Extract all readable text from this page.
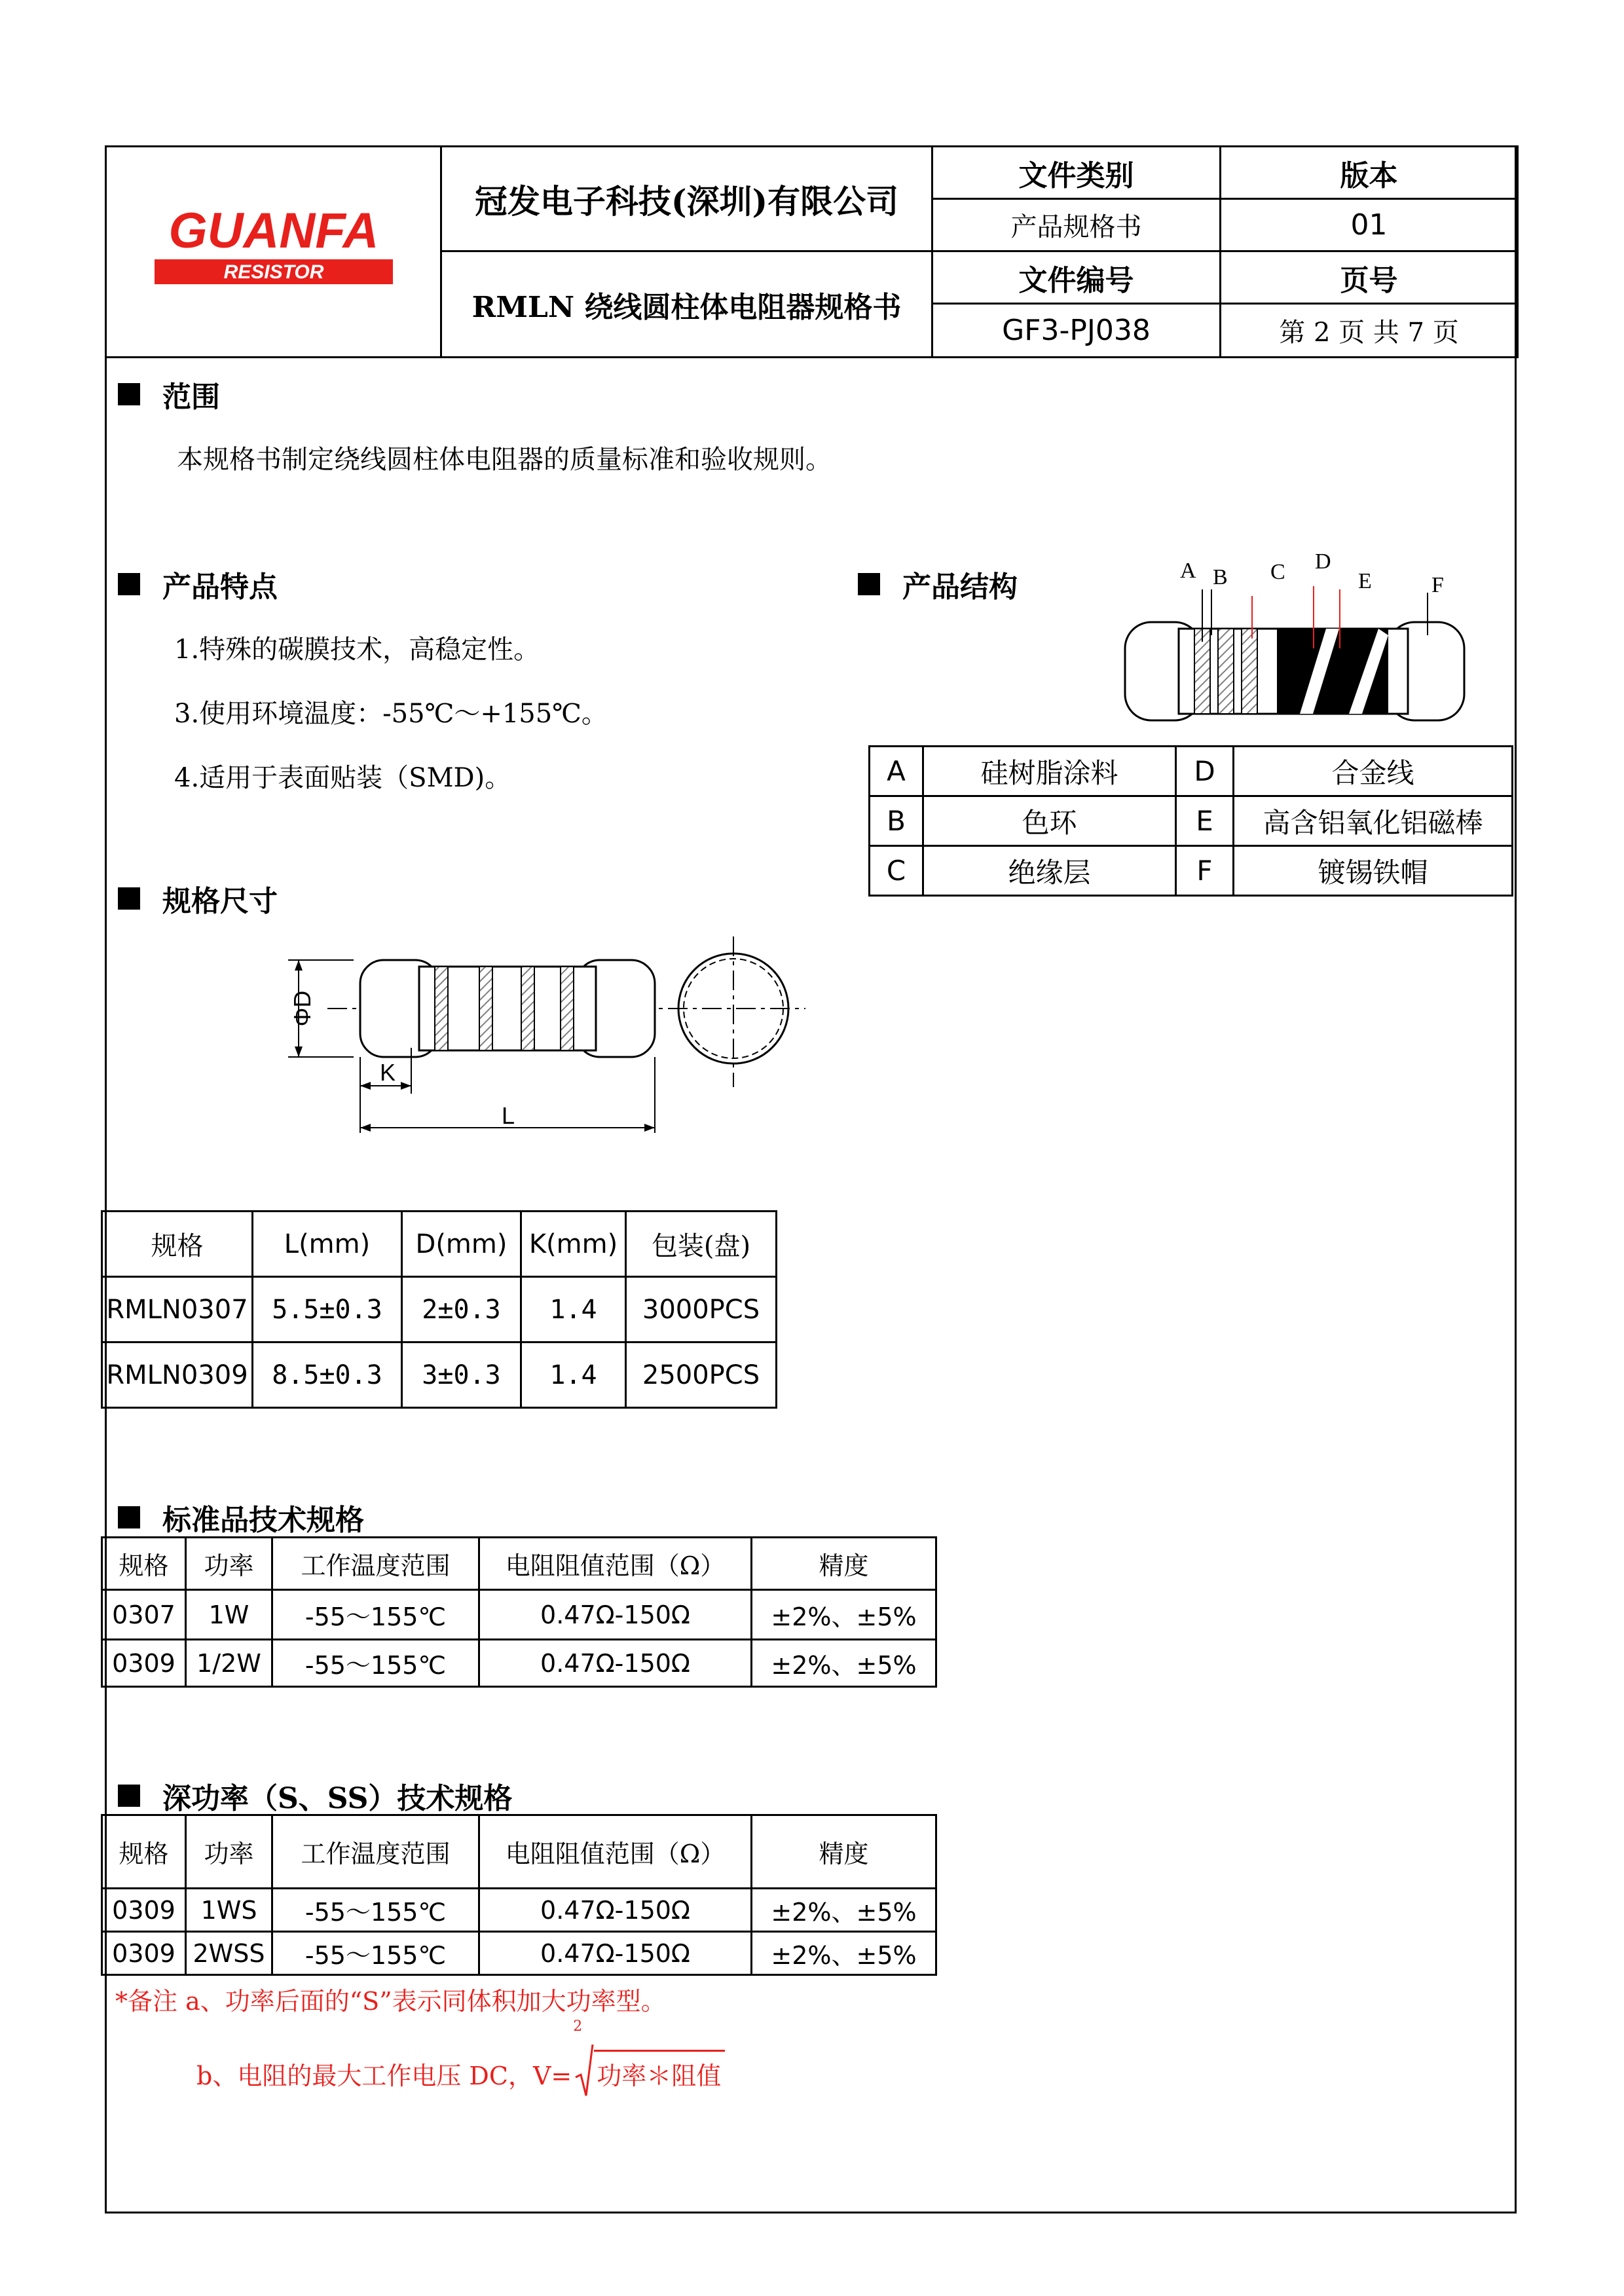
GUANFA
RESISTOR	冠发电子科技(深圳)有限公司	文件类别	版本
		产品规格书	01
	RMLN 绕线圆柱体电阻器规格书	文件编号	页号
		GF3-PJ038	第 2 页 共 7 页
范围
本规格书制定绕线圆柱体电阻器的质量标准和验收规则。
产品特点
1.特殊的碳膜技术，高稳定性。
3.使用环境温度：-55℃～+155℃。
4.适用于表面贴装（SMD)。
产品结构	A B C D
E	F
A	硅树脂涂料	D	合金线
B	色环	E	高含铝氧化铝磁棒
C	绝缘层	F	镀锡铁帽
规格尺寸
ΦD
K
L
规格	L(mm)	D(mm)	K(mm)	包装(盘)
RMLN0307	5.5±0.3	2±0.3	1.4	3000PCS
RMLN0309	8.5±0.3	3±0.3	1.4	2500PCS
标准品技术规格
规格	功率	工作温度范围	电阻阻值范围（Ω）	精度
0307	1W	-55～155℃	0.47Ω-150Ω	±2%、±5%
0309	1/2W	-55～155℃	0.47Ω-150Ω	±2%、±5%
深功率（S、SS）技术规格
规格	功率	工作温度范围	电阻阻值范围（Ω）	精度
0309	1WS	-55～155℃	0.47Ω-150Ω	±2%、±5%
0309	2WSS	-55～155℃	0.47Ω-150Ω	±2%、±5%
*备注 a、功率后面的“S”表示同体积加大功率型。
b、电阻的最大工作电压 DC，V=
2
功率＊阻值
